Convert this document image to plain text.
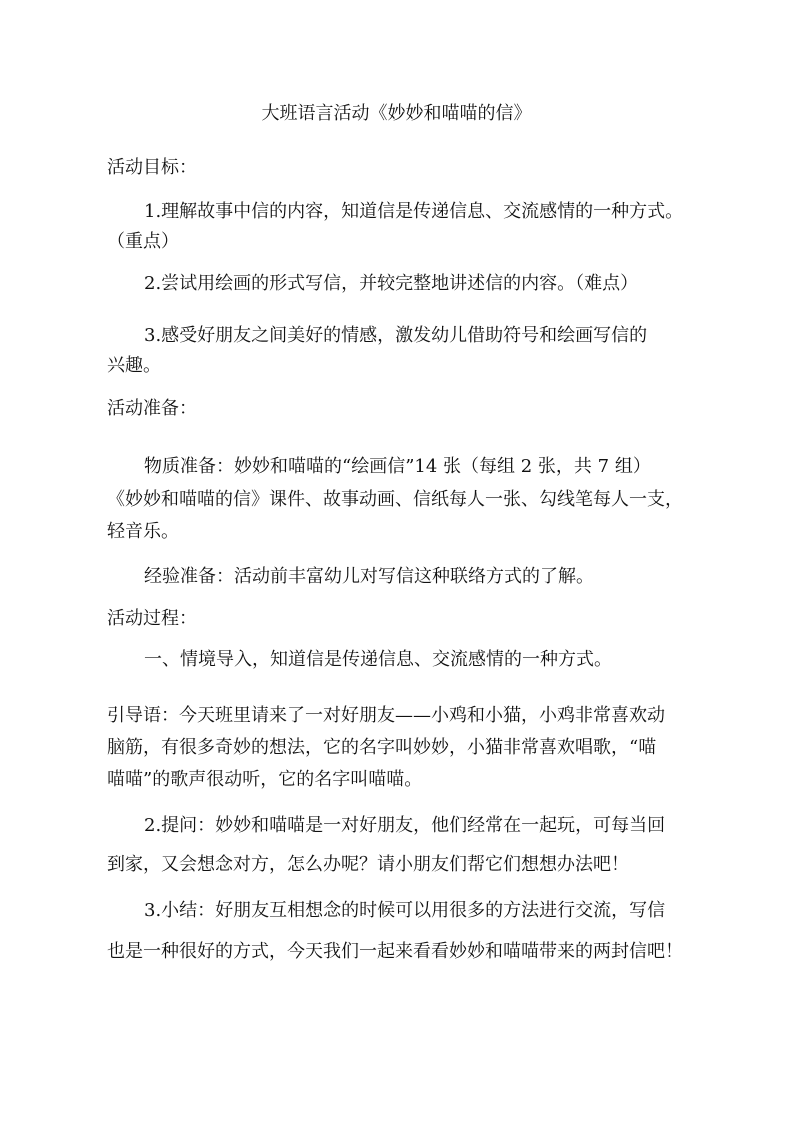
大班语言活动《妙妙和喵喵的信》
活动目标：
1.理解故事中信的内容，知道信是传递信息、交流感情的一种方式。
（重点）
2.尝试用绘画的形式写信，并较完整地讲述信的内容。（难点）
3.感受好朋友之间美好的情感，激发幼儿借助符号和绘画写信的
兴趣。
活动准备：
物质准备：妙妙和喵喵的“绘画信”14 张（每组 2 张，共 7 组）
《妙妙和喵喵的信》课件、故事动画、信纸每人一张、勾线笔每人一支，
轻音乐。
经验准备：活动前丰富幼儿对写信这种联络方式的了解。
活动过程：
一、情境导入，知道信是传递信息、交流感情的一种方式。
引导语：今天班里请来了一对好朋友——小鸡和小猫，小鸡非常喜欢动
脑筋，有很多奇妙的想法，它的名字叫妙妙，小猫非常喜欢唱歌，“喵
喵喵”的歌声很动听，它的名字叫喵喵。
2.提问：妙妙和喵喵是一对好朋友，他们经常在一起玩，可每当回
到家，又会想念对方，怎么办呢？请小朋友们帮它们想想办法吧！
3.小结：好朋友互相想念的时候可以用很多的方法进行交流，写信
也是一种很好的方式，今天我们一起来看看妙妙和喵喵带来的两封信吧！
